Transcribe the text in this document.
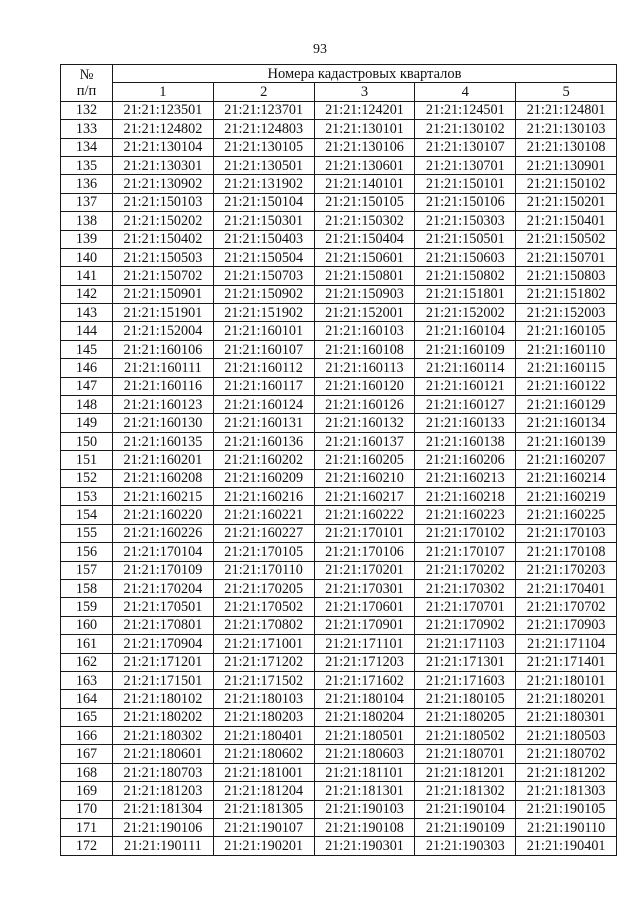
93
№
п/п	Номера кадастровых кварталов				
	1	2	3	4	5
132	21:21:123501	21:21:123701	21:21:124201	21:21:124501	21:21:124801
133	21:21:124802	21:21:124803	21:21:130101	21:21:130102	21:21:130103
134	21:21:130104	21:21:130105	21:21:130106	21:21:130107	21:21:130108
135	21:21:130301	21:21:130501	21:21:130601	21:21:130701	21:21:130901
136	21:21:130902	21:21:131902	21:21:140101	21:21:150101	21:21:150102
137	21:21:150103	21:21:150104	21:21:150105	21:21:150106	21:21:150201
138	21:21:150202	21:21:150301	21:21:150302	21:21:150303	21:21:150401
139	21:21:150402	21:21:150403	21:21:150404	21:21:150501	21:21:150502
140	21:21:150503	21:21:150504	21:21:150601	21:21:150603	21:21:150701
141	21:21:150702	21:21:150703	21:21:150801	21:21:150802	21:21:150803
142	21:21:150901	21:21:150902	21:21:150903	21:21:151801	21:21:151802
143	21:21:151901	21:21:151902	21:21:152001	21:21:152002	21:21:152003
144	21:21:152004	21:21:160101	21:21:160103	21:21:160104	21:21:160105
145	21:21:160106	21:21:160107	21:21:160108	21:21:160109	21:21:160110
146	21:21:160111	21:21:160112	21:21:160113	21:21:160114	21:21:160115
147	21:21:160116	21:21:160117	21:21:160120	21:21:160121	21:21:160122
148	21:21:160123	21:21:160124	21:21:160126	21:21:160127	21:21:160129
149	21:21:160130	21:21:160131	21:21:160132	21:21:160133	21:21:160134
150	21:21:160135	21:21:160136	21:21:160137	21:21:160138	21:21:160139
151	21:21:160201	21:21:160202	21:21:160205	21:21:160206	21:21:160207
152	21:21:160208	21:21:160209	21:21:160210	21:21:160213	21:21:160214
153	21:21:160215	21:21:160216	21:21:160217	21:21:160218	21:21:160219
154	21:21:160220	21:21:160221	21:21:160222	21:21:160223	21:21:160225
155	21:21:160226	21:21:160227	21:21:170101	21:21:170102	21:21:170103
156	21:21:170104	21:21:170105	21:21:170106	21:21:170107	21:21:170108
157	21:21:170109	21:21:170110	21:21:170201	21:21:170202	21:21:170203
158	21:21:170204	21:21:170205	21:21:170301	21:21:170302	21:21:170401
159	21:21:170501	21:21:170502	21:21:170601	21:21:170701	21:21:170702
160	21:21:170801	21:21:170802	21:21:170901	21:21:170902	21:21:170903
161	21:21:170904	21:21:171001	21:21:171101	21:21:171103	21:21:171104
162	21:21:171201	21:21:171202	21:21:171203	21:21:171301	21:21:171401
163	21:21:171501	21:21:171502	21:21:171602	21:21:171603	21:21:180101
164	21:21:180102	21:21:180103	21:21:180104	21:21:180105	21:21:180201
165	21:21:180202	21:21:180203	21:21:180204	21:21:180205	21:21:180301
166	21:21:180302	21:21:180401	21:21:180501	21:21:180502	21:21:180503
167	21:21:180601	21:21:180602	21:21:180603	21:21:180701	21:21:180702
168	21:21:180703	21:21:181001	21:21:181101	21:21:181201	21:21:181202
169	21:21:181203	21:21:181204	21:21:181301	21:21:181302	21:21:181303
170	21:21:181304	21:21:181305	21:21:190103	21:21:190104	21:21:190105
171	21:21:190106	21:21:190107	21:21:190108	21:21:190109	21:21:190110
172	21:21:190111	21:21:190201	21:21:190301	21:21:190303	21:21:190401
